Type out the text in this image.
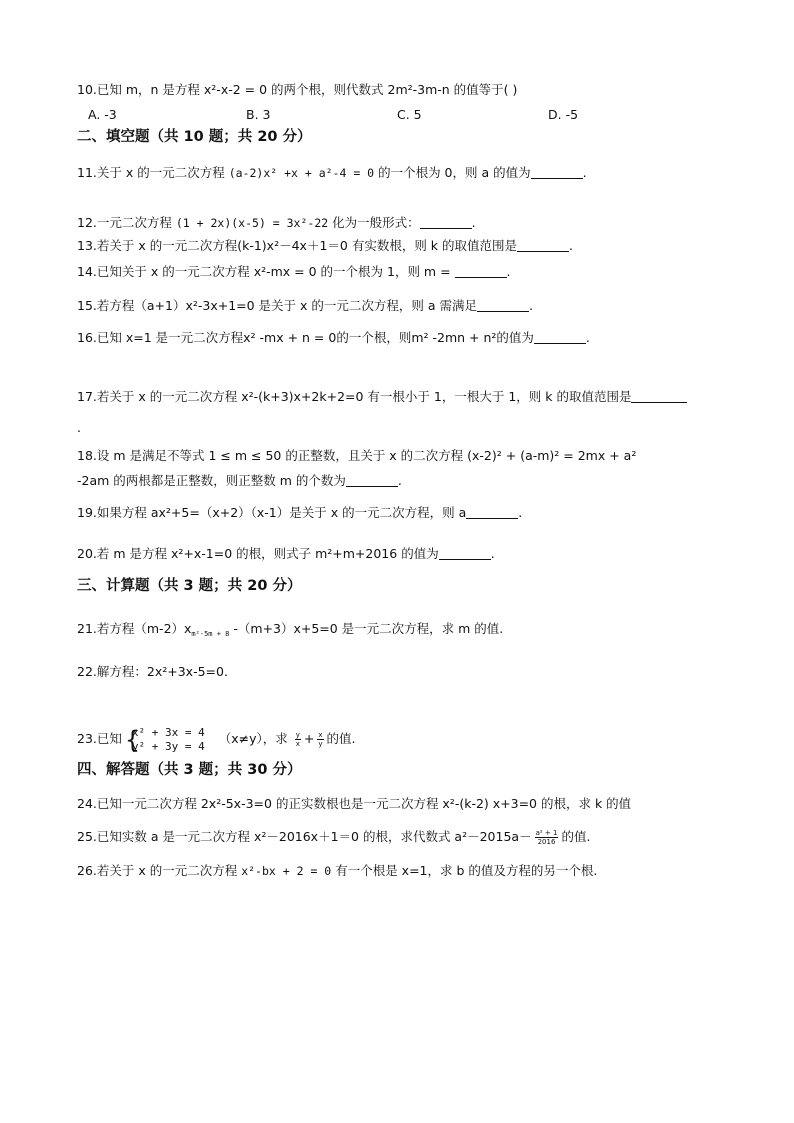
10.已知 m，n 是方程 x²-x-2 = 0 的两个根，则代数式 2m²-3m-n 的值等于( )
A. -3	B. 3	C. 5	D. -5
二、填空题（共 10 题；共 20 分）
11.关于 x 的一元二次方程 (a-2)x² +x + a²-4 = 0 的一个根为 0，则 a 的值为	.
12.一元二次方程 (1 + 2x)(x-5) = 3x²-22 化为一般形式：	.
13.若关于 x 的一元二次方程(k-1)x²－4x＋1＝0 有实数根，则 k 的取值范围是	.
14.已知关于 x 的一元二次方程 x²-mx = 0 的一个根为 1，则 m =	.
15.若方程（a+1）x²-3x+1=0 是关于 x 的一元二次方程，则 a 需满足	.
16.已知 x=1 是一元二次方程x² -mx + n = 0的一个根，则m² -2mn + n²的值为	.
17.若关于 x 的一元二次方程 x²-(k+3)x+2k+2=0 有一根小于 1，一根大于 1，则 k 的取值范围是
.
18.设 m 是满足不等式 1 ≤ m ≤ 50 的正整数，且关于 x 的二次方程 (x-2)² + (a-m)² = 2mx + a²
-2am 的两根都是正整数，则正整数 m 的个数为	.
19.如果方程 ax²+5=（x+2）（x-1）是关于 x 的一元二次方程，则 a	.
20.若 m 是方程 x²+x-1=0 的根，则式子 m²+m+2016 的值为	.
三、计算题（共 3 题；共 20 分）
21.若方程$(m-2)x_{m^2-5m + 8}$ -（m+3）x+5=0 是一元二次方程，求 m 的值.
22.解方程：2x²+3x-5=0.
23.已知 {
x² + 3x = 4
y² + 3y = 4 （x≠y），求 $\frac{y}{x} + \frac{x}{y}$ 的值.
四、解答题（共 3 题；共 30 分）
24.已知一元二次方程 2x²-5x-3=0 的正实数根也是一元二次方程 x²-(k-2) x+3=0 的根，求 k 的值
25.已知实数 a 是一元二次方程 x²－2016x＋1＝0 的根，求代数式 $a^2-2015a- \frac{\text{a² + 1}}{2016}$ 的值.
26.若关于 x 的一元二次方程 x²-bx + 2 = 0 有一个根是 x=1，求 b 的值及方程的另一个根.
